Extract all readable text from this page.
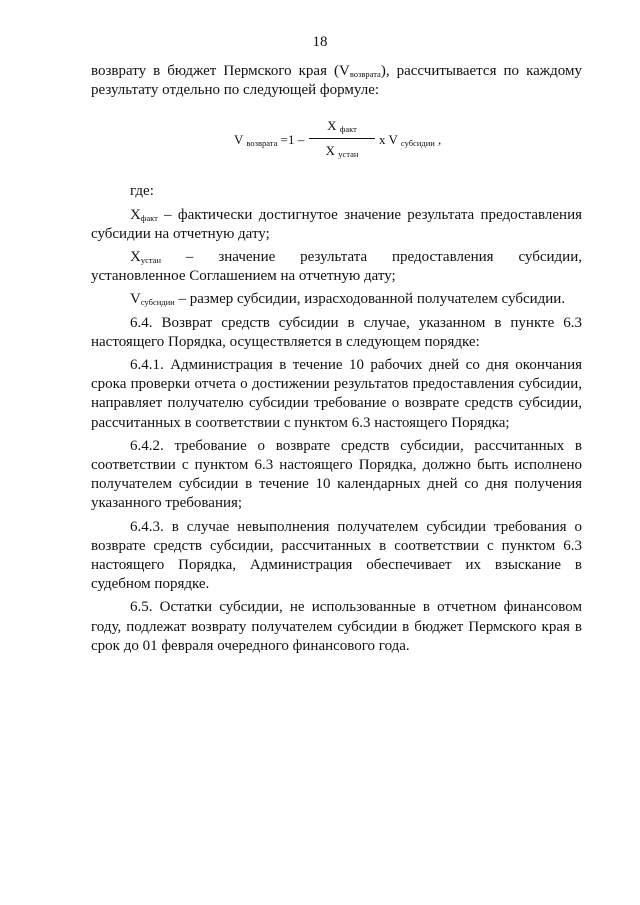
18

возврату в бюджет Пермского края $(V_{возврата})$, рассчитывается по каждому результату отдельно по следующей формуле:

V $_{возврата}$ =1 –
X $_{факт}$
X $_{устан}$
x V $_{субсидии}$ ,

где:

$X_{факт}$ – фактически достигнутое значение результата предоставления субсидии на отчетную дату;

$X_{устан}$ – значение результата предоставления субсидии,

установленное Соглашением на отчетную дату;

$V_{субсидии}$ – размер субсидии, израсходованной получателем субсидии.

6.4. Возврат средств субсидии в случае, указанном в пункте 6.3 настоящего Порядка, осуществляется в следующем порядке:

6.4.1. Администрация в течение 10 рабочих дней со дня окончания срока проверки отчета о достижении результатов предоставления субсидии, направляет получателю субсидии требование о возврате средств субсидии, рассчитанных в соответствии с пунктом 6.3 настоящего Порядка;

6.4.2. требование о возврате средств субсидии, рассчитанных в соответствии с пунктом 6.3 настоящего Порядка, должно быть исполнено получателем субсидии в течение 10 календарных дней со дня получения указанного требования;

6.4.3. в случае невыполнения получателем субсидии требования о возврате средств субсидии, рассчитанных в соответствии с пунктом 6.3 настоящего Порядка, Администрация обеспечивает их взыскание в судебном порядке.

6.5. Остатки субсидии, не использованные в отчетном финансовом году, подлежат возврату получателем субсидии в бюджет Пермского края в срок до 01 февраля очередного финансового года.
